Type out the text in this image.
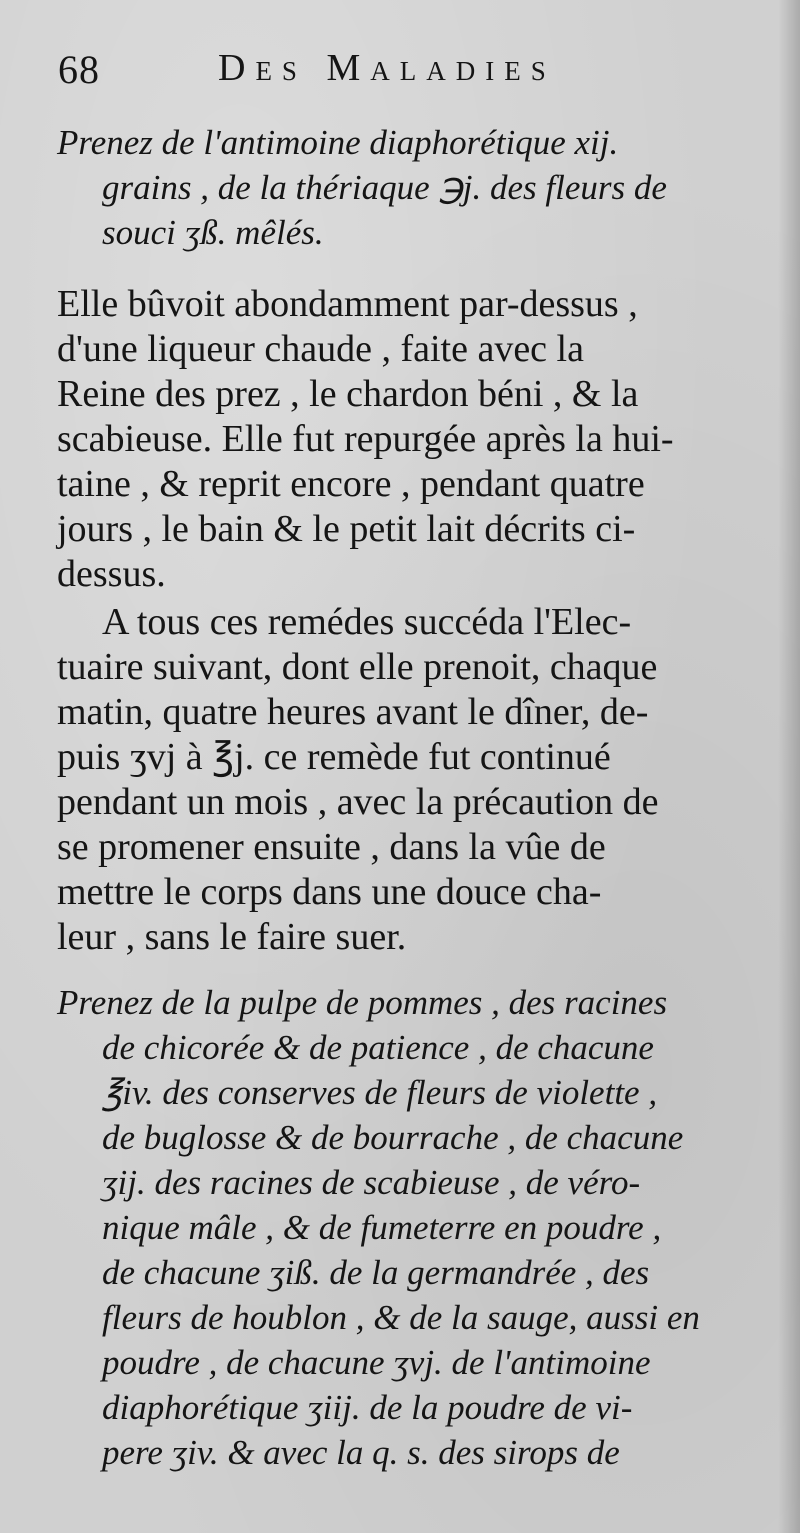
68	Des Maladies
Prenez de l'antimoine diaphorétique xij.
grains , de la thériaque ℈j. des fleurs de
souci ʒß. mêlés.
Elle bûvoit abondamment par-dessus ,
d'une liqueur chaude , faite avec la
Reine des prez , le chardon béni , & la
scabieuse. Elle fut repurgée après la hui-
taine , & reprit encore , pendant quatre
jours , le bain & le petit lait décrits ci-
dessus.
A tous ces remédes succéda l'Elec-
tuaire suivant, dont elle prenoit, chaque
matin, quatre heures avant le dîner, de-
puis ʒvj à ℥j. ce remède fut continué
pendant un mois , avec la précaution de
se promener ensuite , dans la vûe de
mettre le corps dans une douce cha-
leur , sans le faire suer.
Prenez de la pulpe de pommes , des racines
de chicorée & de patience , de chacune
℥iv. des conserves de fleurs de violette ,
de buglosse & de bourrache , de chacune
ʒij. des racines de scabieuse , de véro-
nique mâle , & de fumeterre en poudre ,
de chacune ʒiß. de la germandrée , des
fleurs de houblon , & de la sauge, aussi en
poudre , de chacune ʒvj. de l'antimoine
diaphorétique ʒiij. de la poudre de vi-
pere ʒiv. & avec la q. s. des sirops de
